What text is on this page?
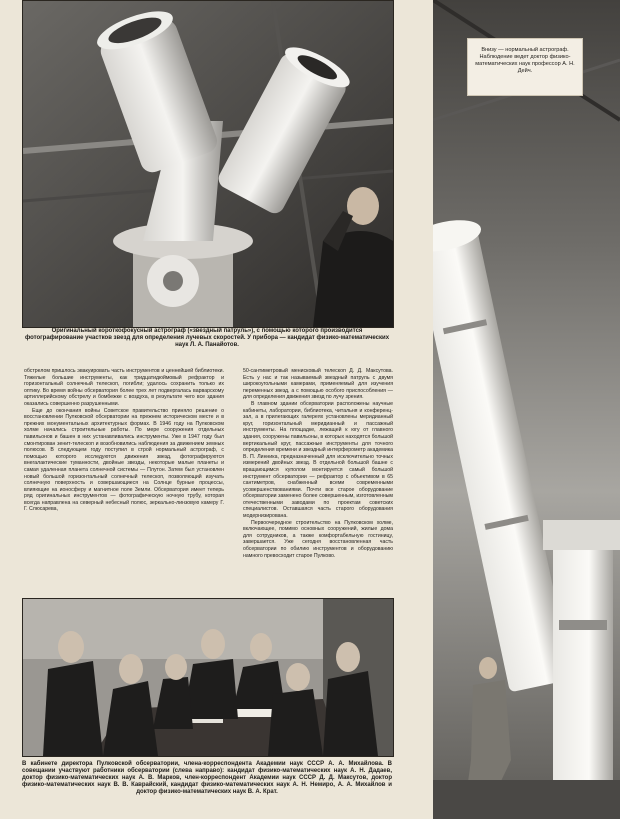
Оригинальный короткофокусный астрограф («звездный патруль»), с помощью которого производится фотографирование участков звезд для определения лучевых скоростей. У прибора — кандидат физико-математических наук Л. А. Панайотов.

обстрелом пришлось эвакуировать часть инструментов и ценнейшей библиотеки. Тяжелые большие инструменты, как тридцатидюймовый рефрактор и горизонтальный солнечный телескоп, погибли; удалось сохранить только их оптику. Во время войны обсерватория более трех лет подвергалась варварскому артиллерийскому обстрелу и бомбежке с воздуха, в результате чего все здания оказались совершенно разрушенными.

Еще до окончания войны Советское правительство приняло решение о восстановлении Пулковской обсерватории на прежнем историческом месте и в прежних монументальных архитектурных формах. В 1946 году на Пулковском холме начались строительные работы. По мере сооружения отдельных павильонов и башен в них устанавливались инструменты. Уже в 1947 году был смонтирован зенит-телескоп и возобновились наблюдения за движением земных полюсов. В следующем году поступил в строй нормальный астрограф, с помощью которого исследуются движения звезд, фотографируются внегалактические туманности, двойные звезды, некоторые малые планеты и самая удаленная планета солнечной системы — Плутон. Затем был установлен новый большой горизонтальный солнечный телескоп, позволяющий изучать солнечную поверхность и совершающиеся на Солнце бурные процессы, влияющие на ионосферу и магнитное поле Земли. Обсерватория имеет теперь ряд оригинальных инструментов — фотографическую ночную трубу, которая всегда направлена на северный небесный полюс, зеркально-линзовую камеру Г. Г. Слюсарева,

50-сантиметровый менисковый телескоп Д. Д. Максутова. Есть у нас и так называемый звездный патруль с двумя широкоугольными камерами, применяемый для изучения переменных звезд, а с помощью особого приспособления — для определения движения звезд по лучу зрения.

В главном здании обсерватории расположены научные кабинеты, лаборатории, библиотека, читальня и конференц-зал, а в прилегающих галереях установлены меридианный круг, горизонтальный меридианный и пассажный инструменты. На площадке, лежащей к югу от главного здания, сооружены павильоны, в которых находятся большой вертикальный круг, пассажные инструменты для точного определения времени и звездный интерферометр академика В. П. Линника, предназначенный для исключительно точных измерений двойных звезд. В отдельной большой башне с вращающимся куполом монтируется самый большой инструмент обсерватории — рефрактор с объективом в 65 сантиметров, снабженный всеми современными усовершенствованиями. Почти все старое оборудование обсерватории заменено более совершенным, изготовленным отечественными заводами по проектам советских специалистов. Оставшаяся часть старого оборудования модернизирована.

Первоочередное строительство на Пулковском холме, включающее, помимо основных сооружений, жилые дома для сотрудников, а также комфортабельную гостиницу, завершается. Уже сегодня восстановленная часть обсерватории по обилию инструментов и оборудованию намного превосходит старое Пулково.

В кабинете директора Пулковской обсерватории, члена-корреспондента Академии наук СССР А. А. Михайлова. В совещании участвуют работники обсерватории (слева направо): кандидат физико-математических наук А. Н. Дадаев, доктор физико-математических наук А. В. Марков, член-корреспондент Академии наук СССР Д. Д. Максутов, доктор физико-математических наук В. В. Каврайский, кандидат физико-математических наук А. Н. Немиро, А. А. Михайлов и доктор физико-математических наук В. А. Крат.
Внизу — нормальный астрограф. Наблюдение ведет доктор физико-математических наук профессор А. Н. Дейч.
